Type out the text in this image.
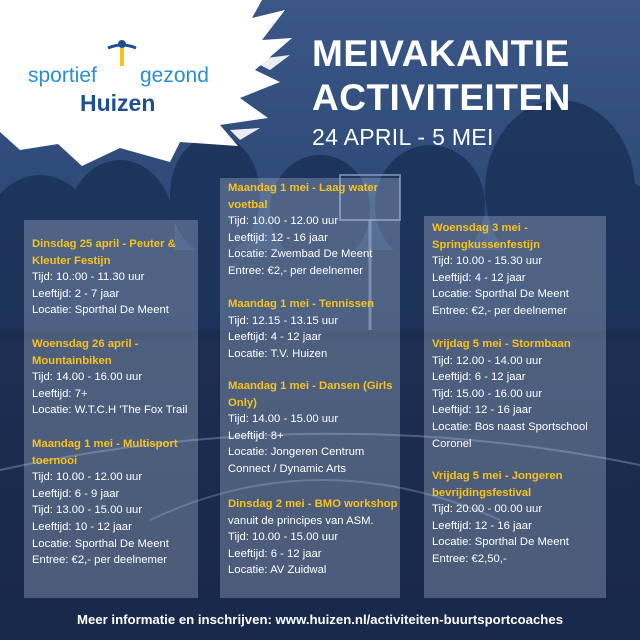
sportief gezond
Huizen
MEIVAKANTIE
ACTIVITEITEN
24 APRIL - 5 MEI
Dinsdag 25 april - Peuter &
Kleuter Festijn
Tijd: 10.:00 - 11.30 uur
Leeftijd: 2 - 7 jaar
Locatie: Sporthal De Meent
Woensdag 26 april -
Mountainbiken
Tijd: 14.00 - 16.00 uur
Leeftijd: 7+
Locatie: W.T.C.H 'The Fox Trail
Maandag 1 mei - Multisport
toernooi
Tijd: 10.00 - 12.00 uur
Leeftijd: 6 - 9 jaar
Tijd: 13.00 - 15.00 uur
Leeftijd: 10 - 12 jaar
Locatie: Sporthal De Meent
Entree: €2,- per deelnemer
Maandag 1 mei - Laag water
voetbal
Tijd: 10.00 - 12.00 uur
Leeftijd: 12 - 16 jaar
Locatie: Zwembad De Meent
Entree: €2,- per deelnemer
Maandag 1 mei - Tennissen
Tijd: 12.15 - 13.15 uur
Leeftijd: 4 - 12 jaar
Locatie: T.V. Huizen
Maandag 1 mei - Dansen (Girls
Only)
Tijd: 14.00 - 15.00 uur
Leeftijd: 8+
Locatie: Jongeren Centrum
Connect / Dynamic Arts
Dinsdag 2 mei - BMO workshop
vanuit de principes van ASM.
Tijd: 10.00 - 15.00 uur
Leeftijd: 6 - 12 jaar
Locatie: AV Zuidwal
Woensdag 3 mei -
Springkussenfestijn
Tijd: 10.00 - 15.30 uur
Leeftijd: 4 - 12 jaar
Locatie: Sporthal De Meent
Entree: €2,- per deelnemer
Vrijdag 5 mei - Stormbaan
Tijd: 12.00 - 14.00 uur
Leeftijd: 6 - 12 jaar
Tijd: 15.00 - 16.00 uur
Leeftijd: 12 - 16 jaar
Locatie: Bos naast Sportschool
Coronel
Vrijdag 5 mei - Jongeren
bevrijdingsfestival
Tijd: 20.00 - 00.00 uur
Leeftijd: 12 - 16 jaar
Locatie: Sporthal De Meent
Entree: €2,50,-
Meer informatie en inschrijven: www.huizen.nl/activiteiten-buurtsportcoaches
